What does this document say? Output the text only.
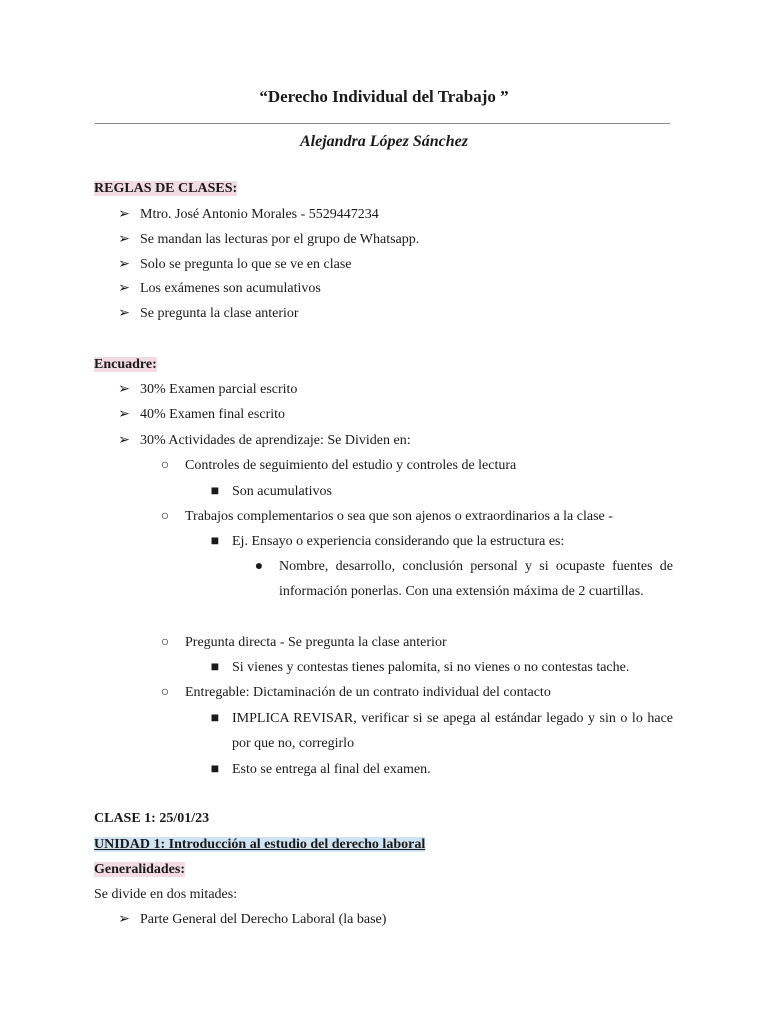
“Derecho Individual del Trabajo ”
Alejandra López Sánchez
REGLAS DE CLASES:
➢ Mtro. José Antonio Morales - 5529447234
➢ Se mandan las lecturas por el grupo de Whatsapp.
➢ Solo se pregunta lo que se ve en clase
➢ Los exámenes son acumulativos
➢ Se pregunta la clase anterior
Encuadre:
➢ 30% Examen parcial escrito
➢ 40% Examen final escrito
➢ 30% Actividades de aprendizaje: Se Dividen en:
○	Controles de seguimiento del estudio y controles de lectura
■ Son acumulativos
○	Trabajos complementarios o sea que son ajenos o extraordinarios a la clase -
■ Ej. Ensayo o experiencia considerando que la estructura es:
●	Nombre, desarrollo, conclusión personal y si ocupaste fuentes de información ponerlas. Con una extensión máxima de 2 cuartillas.
○	Pregunta directa - Se pregunta la clase anterior
■ Si vienes y contestas tienes palomita, si no vienes o no contestas tache.
○	Entregable: Dictaminación de un contrato individual del contacto
■ IMPLICA REVISAR, verificar si se apega al estándar legado y sin o lo hace por que no, corregirlo
■ Esto se entrega al final del examen.
CLASE 1: 25/01/23
UNIDAD 1: Introducción al estudio del derecho laboral
Generalidades:
Se divide en dos mitades:
➢ Parte General del Derecho Laboral (la base)
